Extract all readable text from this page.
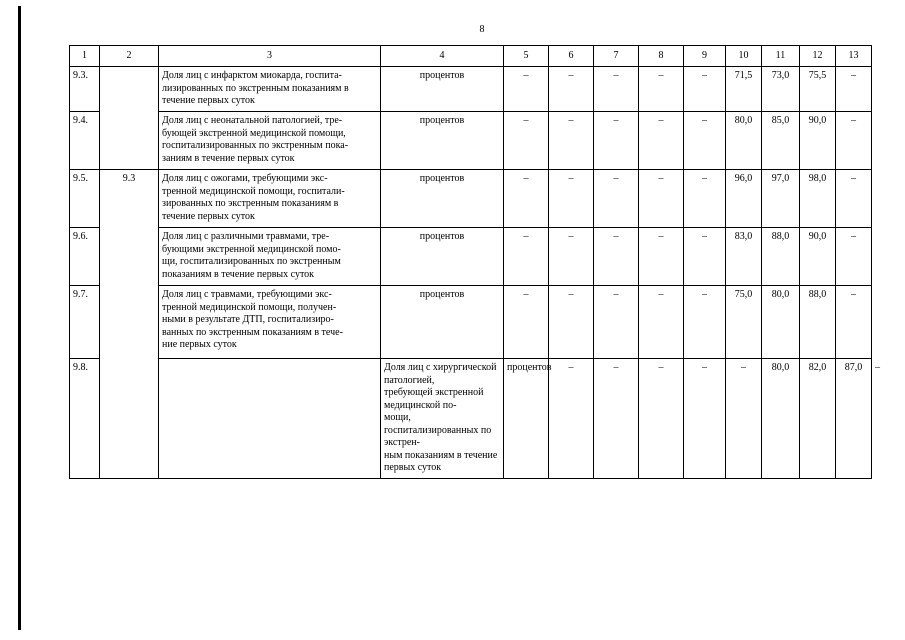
8
1	2	3	4	5	6	7	8	9	10	11	12	13	
9.3.		Доля лиц с инфарктом миокарда, госпита-
лизированных по экстренным показаниям в
течение первых суток	процентов	–	–	–	–	–	71,5	73,0	75,5	–	
9.4.		Доля лиц с неонатальной патологией, тре-
бующей экстренной медицинской помощи,
госпитализированных по экстренным пока-
заниям в течение первых суток	процентов	–	–	–	–	–	80,0	85,0	90,0	–	
9.5.	9.3	Доля лиц с ожогами, требующими экс-
тренной медицинской помощи, госпитали-
зированных по экстренным показаниям в
течение первых суток	процентов	–	–	–	–	–	96,0	97,0	98,0	–	
9.6.		Доля лиц с различными травмами, тре-
бующими экстренной медицинской помо-
щи, госпитализированных по экстренным
показаниям в течение первых суток	процентов	–	–	–	–	–	83,0	88,0	90,0	–	
9.7.		Доля лиц с травмами, требующими экс-
тренной медицинской помощи, получен-
ными в результате ДТП, госпитализиро-
ванных по экстренным показаниям в тече-
ние первых суток	процентов	–	–	–	–	–	75,0	80,0	88,0	–	
9.8.			Доля лиц с хирургической патологией,
требующей экстренной медицинской по-
мощи, госпитализированных по экстрен-
ным показаниям в течение первых суток	процентов	–	–	–	–	–	80,0	82,0	87,0	–
